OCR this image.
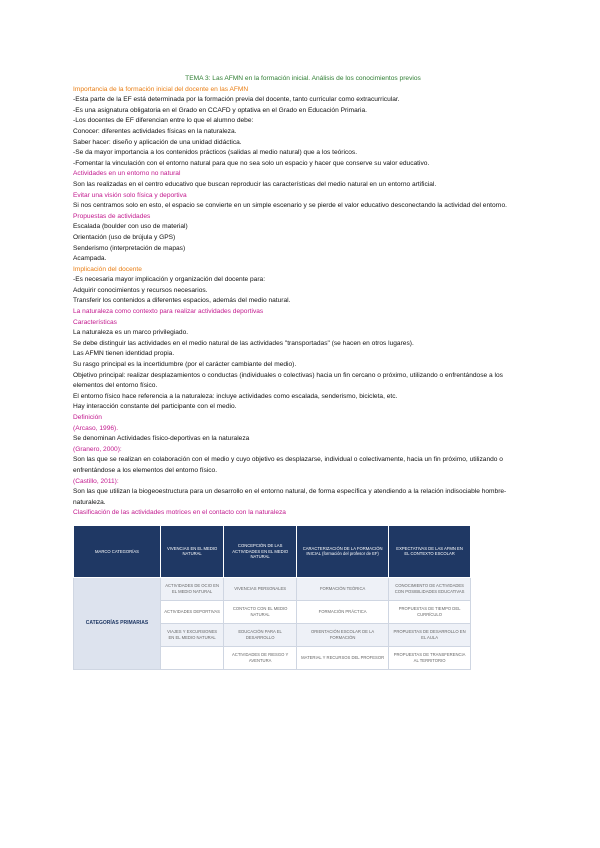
TEMA 3: Las AFMN en la formación inicial. Análisis de los conocimientos previos
Importancia de la formación inicial del docente en las AFMN
-Esta parte de la EF está determinada por la formación previa del docente, tanto curricular como extracurricular.
-Es una asignatura obligatoria en el Grado en CCAFD y optativa en el Grado en Educación Primaria.
-Los docentes de EF diferencian entre lo que el alumno debe:
Conocer: diferentes actividades físicas en la naturaleza.
Saber hacer: diseño y aplicación de una unidad didáctica.
-Se da mayor importancia a los contenidos prácticos (salidas al medio natural) que a los teóricos.
-Fomentar la vinculación con el entorno natural para que no sea solo un espacio y hacer que conserve su valor educativo.
Actividades en un entorno no natural
Son las realizadas en el centro educativo que buscan reproducir las características del medio natural en un entorno artificial.
Evitar una visión solo física y deportiva
Si nos centramos solo en esto, el espacio se convierte en un simple escenario y se pierde el valor educativo desconectando la actividad del entorno.
Propuestas de actividades
Escalada (boulder con uso de material)
Orientación (uso de brújula y GPS)
Senderismo (interpretación de mapas)
Acampada.
Implicación del docente
-Es necesaria mayor implicación y organización del docente para:
Adquirir conocimientos y recursos necesarios.
Transferir los contenidos a diferentes espacios, además del medio natural.
La naturaleza como contexto para realizar actividades deportivas
Características
La naturaleza es un marco privilegiado.
Se debe distinguir las actividades en el medio natural de las actividades "transportadas" (se hacen en otros lugares).
Las AFMN tienen identidad propia.
Su rasgo principal es la incertidumbre (por el carácter cambiante del medio).
Objetivo principal: realizar desplazamientos o conductas (individuales o colectivas) hacia un fin cercano o próximo, utilizando o enfrentándose a los elementos del entorno físico.
El entorno físico hace referencia a la naturaleza: incluye actividades como escalada, senderismo, bicicleta, etc.
Hay interacción constante del participante con el medio.
Definición
(Arcaso, 1996).
Se denominan Actividades físico-deportivas en la naturaleza
(Granero, 2000):
Son las que se realizan en colaboración con el medio y cuyo objetivo es desplazarse, individual o colectivamente, hacia un fin próximo, utilizando o enfrentándose a los elementos del entorno físico.
(Castillo, 2011):
Son las que utilizan la biogeoestructura para un desarrollo en el entorno natural, de forma específica y atendiendo a la relación indisociable hombre-naturaleza.
Clasificación de las actividades motrices en el contacto con la naturaleza
MARCO CATEGORÍAS	VIVENCIAS EN EL MEDIO NATURAL	CONCEPCIÓN DE LAS ACTIVIDADES EN EL MEDIO NATURAL	CARACTERIZACIÓN DE LA FORMACIÓN INICIAL (formación del profesor de EF)	EXPECTATIVAS DE LAS AFMN EN EL CONTEXTO ESCOLAR
CATEGORÍAS PRIMARIAS	ACTIVIDADES DE OCIO EN EL MEDIO NATURAL	VIVENCIAS PERSONALES	FORMACIÓN TEÓRICA	CONOCIMIENTO DE ACTIVIDADES CON POSIBILIDADES EDUCATIVAS
	ACTIVIDADES DEPORTIVAS	CONTACTO CON EL MEDIO NATURAL	FORMACIÓN PRÁCTICA	PROPUESTAS DE TIEMPO DEL CURRÍCULO
	VIAJES Y EXCURSIONES EN EL MEDIO NATURAL	EDUCACIÓN PARA EL DESARROLLO	ORIENTACIÓN ESCOLAR DE LA FORMACIÓN	PROPUESTAS DE DESARROLLO EN EL AULA
		ACTIVIDADES DE RIESGO Y AVENTURA	MATERIAL Y RECURSOS DEL PROFESOR	PROPUESTAS DE TRANSFERENCIA AL TERRITORIO
